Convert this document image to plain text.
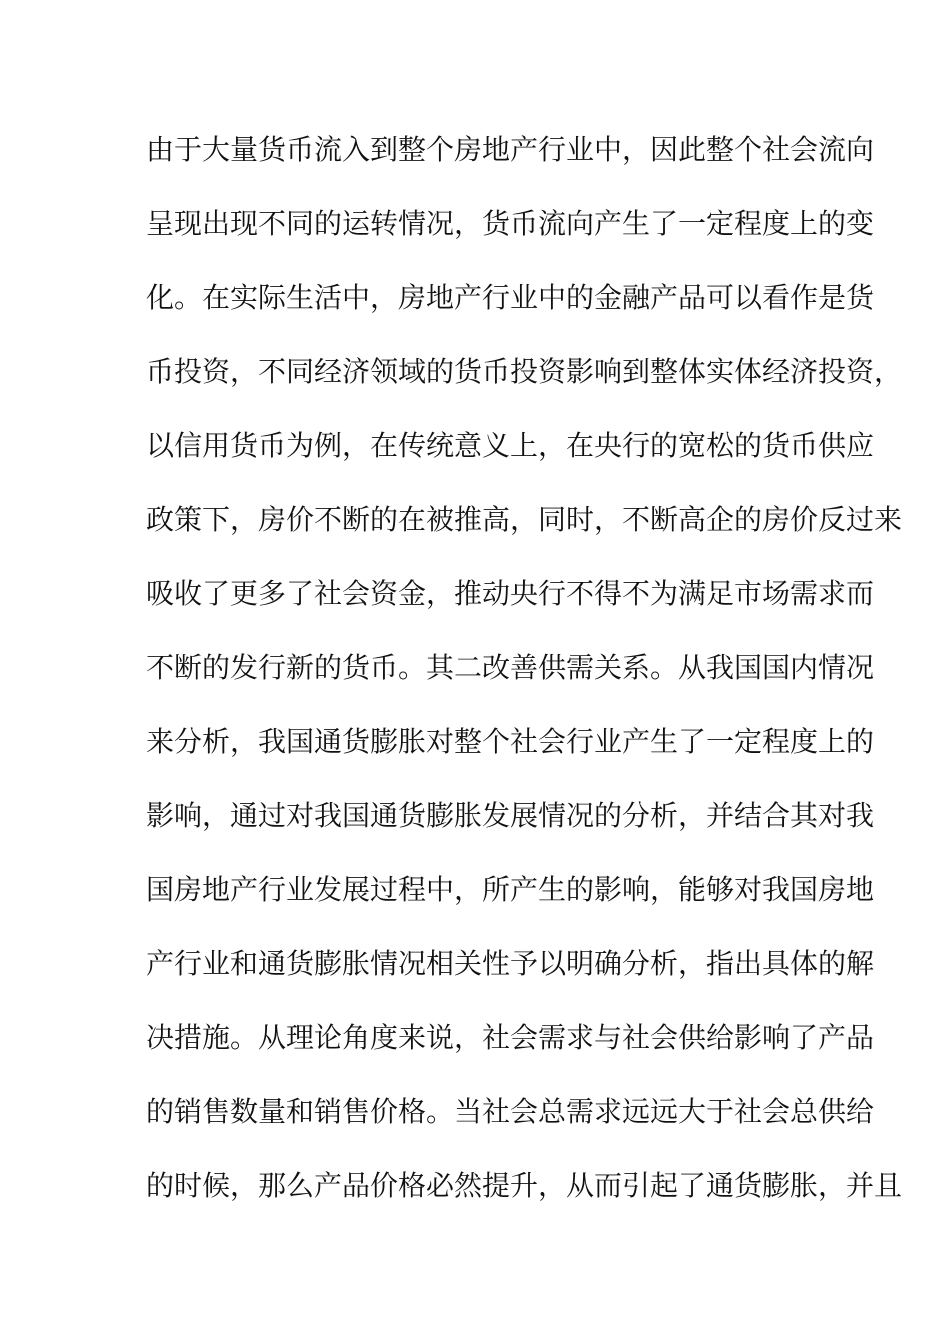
由于大量货币流入到整个房地产行业中，因此整个社会流向
呈现出现不同的运转情况，货币流向产生了一定程度上的变
化。在实际生活中，房地产行业中的金融产品可以看作是货
币投资，不同经济领域的货币投资影响到整体实体经济投资，
以信用货币为例，在传统意义上，在央行的宽松的货币供应
政策下，房价不断的在被推高，同时，不断高企的房价反过来
吸收了更多了社会资金，推动央行不得不为满足市场需求而
不断的发行新的货币。其二改善供需关系。从我国国内情况
来分析，我国通货膨胀对整个社会行业产生了一定程度上的
影响，通过对我国通货膨胀发展情况的分析，并结合其对我
国房地产行业发展过程中，所产生的影响，能够对我国房地
产行业和通货膨胀情况相关性予以明确分析，指出具体的解
决措施。从理论角度来说，社会需求与社会供给影响了产品
的销售数量和销售价格。当社会总需求远远大于社会总供给
的时候，那么产品价格必然提升，从而引起了通货膨胀，并且
